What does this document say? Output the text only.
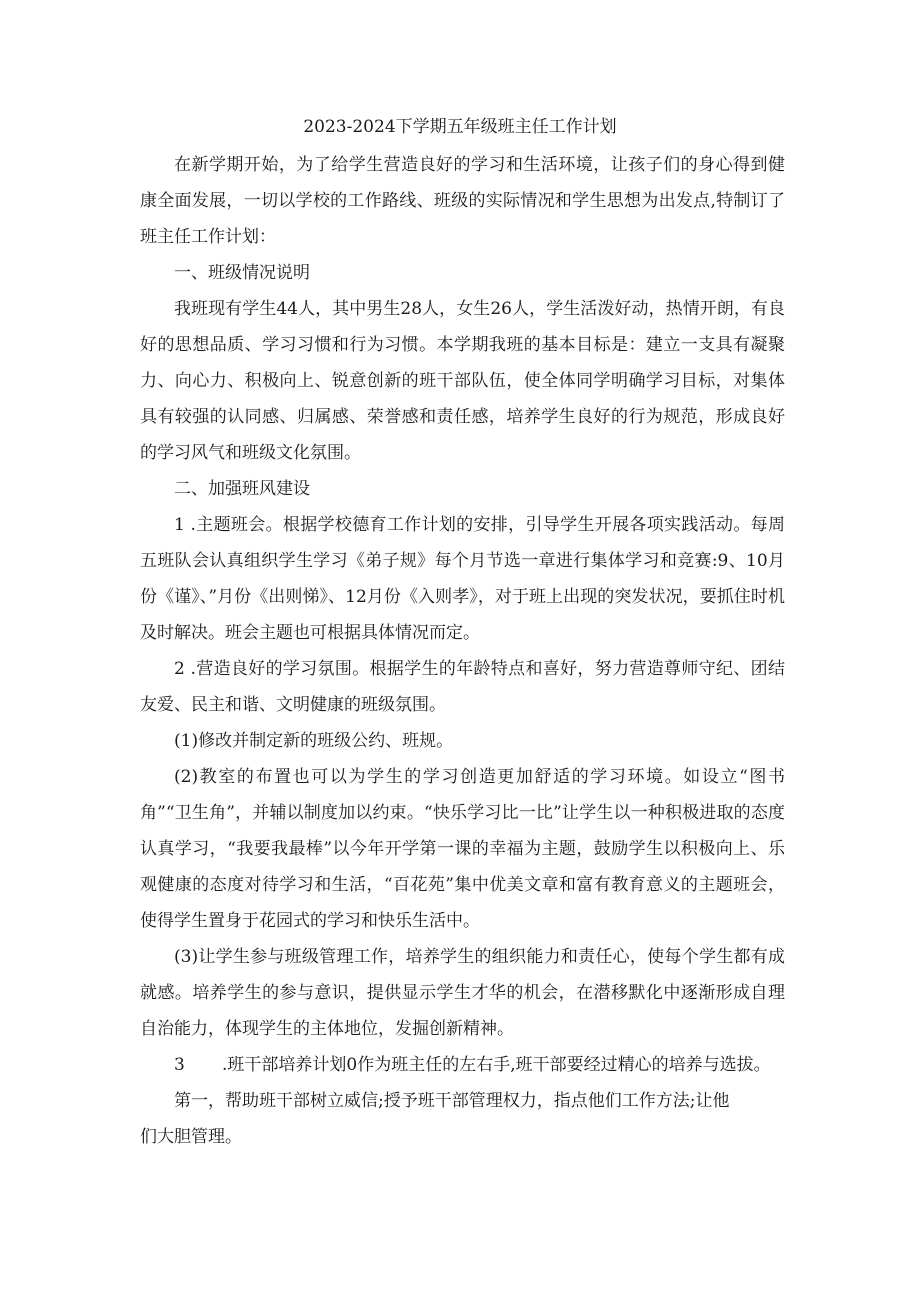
2023-2024下学期五年级班主任工作计划

在新学期开始，为了给学生营造良好的学习和生活环境，让孩子们的身心得到健康全面发展，一切以学校的工作路线、班级的实际情况和学生思想为出发点,特制订了班主任工作计划：

一、班级情况说明

我班现有学生44人，其中男生28人，女生26人，学生活泼好动，热情开朗，有良好的思想品质、学习习惯和行为习惯。本学期我班的基本目标是：建立一支具有凝聚力、向心力、积极向上、锐意创新的班干部队伍，使全体同学明确学习目标，对集体具有较强的认同感、归属感、荣誉感和责任感，培养学生良好的行为规范，形成良好的学习风气和班级文化氛围。

二、加强班风建设

1 .主题班会。根据学校德育工作计划的安排，引导学生开展各项实践活动。每周五班队会认真组织学生学习《弟子规》每个月节选一章进行集体学习和竞赛:9、10月份《谨》、”月份《出则悌》、12月份《入则孝》，对于班上出现的突发状况，要抓住时机及时解决。班会主题也可根据具体情况而定。

2 .营造良好的学习氛围。根据学生的年龄特点和喜好，努力营造尊师守纪、团结友爱、民主和谐、文明健康的班级氛围。

(1)修改并制定新的班级公约、班规。

(2)教室的布置也可以为学生的学习创造更加舒适的学习环境。如设立“图书角”“卫生角”，并辅以制度加以约束。“快乐学习比一比”让学生以一种积极进取的态度认真学习，“我要我最棒”以今年开学第一课的幸福为主题，鼓励学生以积极向上、乐观健康的态度对待学习和生活，“百花苑”集中优美文章和富有教育意义的主题班会，使得学生置身于花园式的学习和快乐生活中。

(3)让学生参与班级管理工作，培养学生的组织能力和责任心，使每个学生都有成就感。培养学生的参与意识，提供显示学生才华的机会，在潜移默化中逐渐形成自理自治能力，体现学生的主体地位，发掘创新精神。

3 .班干部培养计划0作为班主任的左右手,班干部要经过精心的培养与选拔。

第一，帮助班干部树立威信;授予班干部管理权力，指点他们工作方法;让他

们大胆管理。
